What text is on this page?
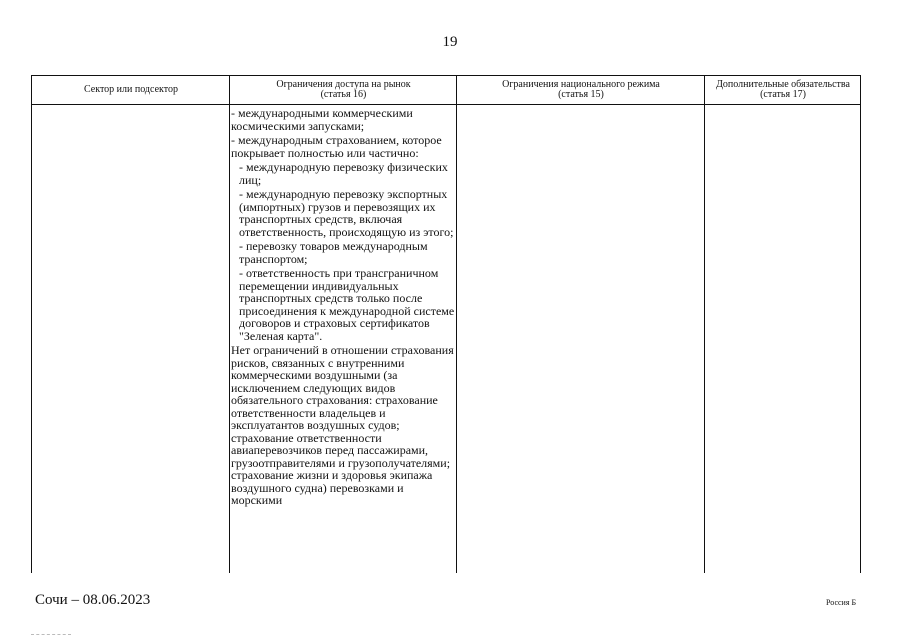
19
Сектор или подсектор	Ограничения доступа на рынок
(статья 16)
Ограничения национального режима
(статья 15)
Дополнительные обязательства
(статья 17)

- международными коммерческими космическими запусками;

- международным страхованием, которое покрывает полностью или частично:

- международную перевозку физических лиц;

- международную перевозку экспортных (импортных) грузов и перевозящих их транспортных средств, включая ответственность, происходящую из этого;

- перевозку товаров международным транспортом;

- ответственность при трансграничном перемещении индивидуальных транспортных средств только после присоединения к международной системе договоров и страховых сертификатов "Зеленая карта".

Нет ограничений в отношении страхования рисков, связанных с внутренними коммерческими воздушными (за исключением следующих видов обязательного страхования: страхование ответственности владельцев и эксплуатантов воздушных судов; страхование ответственности авиаперевозчиков перед пассажирами, грузоотправителями и грузополучателями; страхование жизни и здоровья экипажа воздушного судна) перевозками и морскими

Сочи – 08.06.2023	Россия Б
